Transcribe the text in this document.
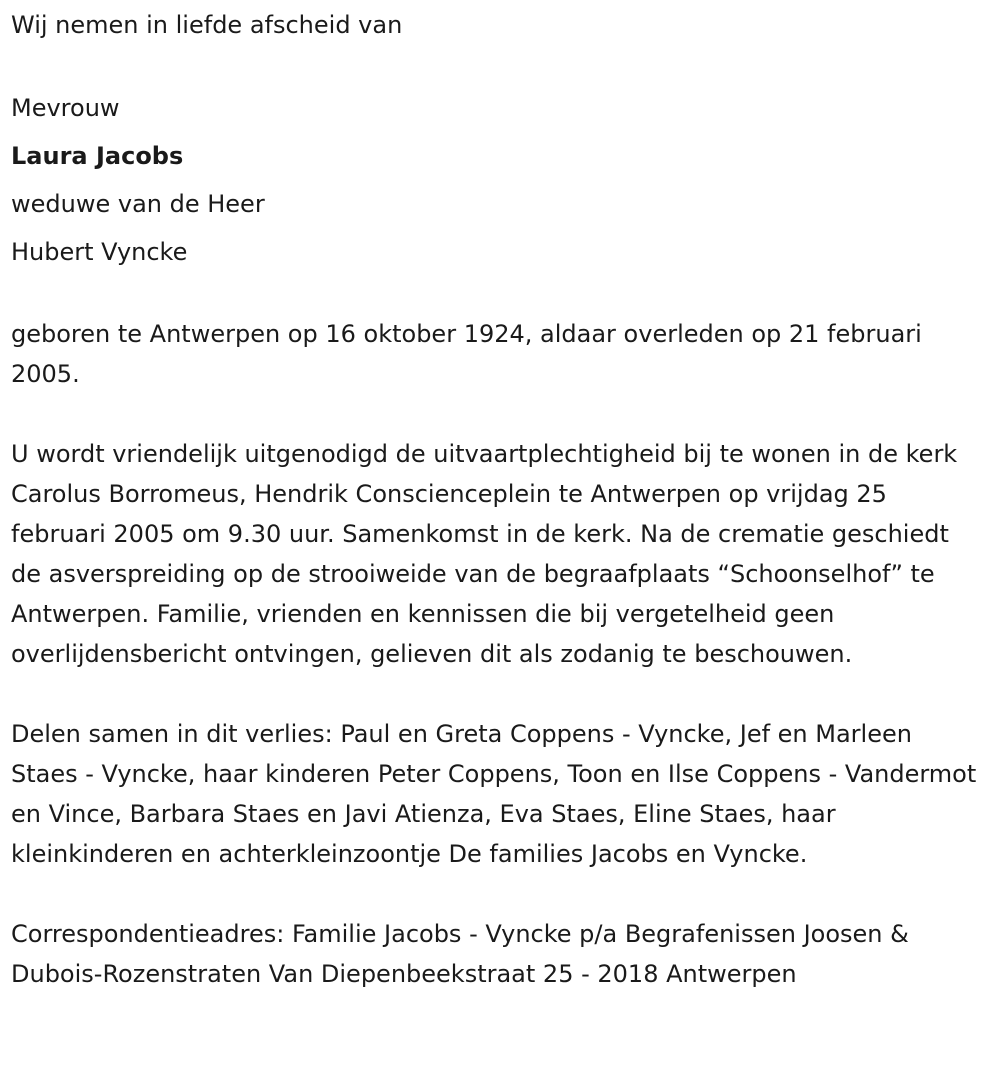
Wij nemen in liefde afscheid van
Mevrouw
Laura Jacobs
weduwe van de Heer
Hubert Vyncke

geboren te Antwerpen op 16 oktober 1924, aldaar overleden op 21 februari 2005.

U wordt vriendelijk uitgenodigd de uitvaartplechtigheid bij te wonen in de kerk Carolus Borromeus, Hendrik Conscienceplein te Antwerpen op vrijdag 25 februari 2005 om 9.30 uur. Samenkomst in de kerk. Na de crematie geschiedt de asverspreiding op de strooiweide van de begraafplaats “Schoonselhof” te Antwerpen. Familie, vrienden en kennissen die bij vergetelheid geen overlijdensbericht ontvingen, gelieven dit als zodanig te beschouwen.

Delen samen in dit verlies: Paul en Greta Coppens - Vyncke, Jef en Marleen Staes - Vyncke, haar kinderen Peter Coppens, Toon en Ilse Coppens - Vandermot en Vince, Barbara Staes en Javi Atienza, Eva Staes, Eline Staes, haar kleinkinderen en achterkleinzoontje De families Jacobs en Vyncke.

Correspondentieadres: Familie Jacobs - Vyncke p/a Begrafenissen Joosen & Dubois-Rozenstraten Van Diepenbeekstraat 25 - 2018 Antwerpen
